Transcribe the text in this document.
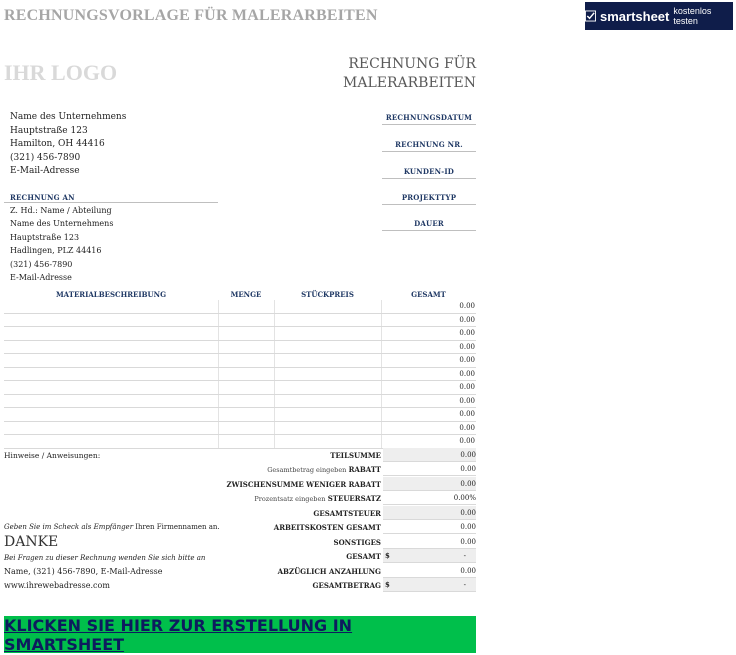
RECHNUNGSVORLAGE FÜR MALERARBEITEN	smartsheet kostenlos testen
IHR LOGO	RECHNUNG FÜR
MALERARBEITEN
Name des Unternehmens
Hauptstraße 123
Hamilton, OH 44416
(321) 456-7890
E-Mail-Adresse
RECHNUNGSDATUM
RECHNUNG NR.
KUNDEN-ID
PROJEKTTYP
DAUER
RECHNUNG AN
Z. Hd.: Name / Abteilung
Name des Unternehmens
Hauptstraße 123
Hadlingen, PLZ 44416
(321) 456-7890
E-Mail-Adresse
MATERIALBESCHREIBUNG	MENGE	STÜCKPREIS	GESAMT
			0.00
			0.00
			0.00
			0.00
			0.00
			0.00
			0.00
			0.00
			0.00
			0.00
			0.00
Hinweise / Anweisungen:	TEILSUMME	0.00
Gesamtbetrag eingeben RABATT	0.00
ZWISCHENSUMME WENIGER RABATT	0.00
Prozentsatz eingeben STEUERSATZ	0.00%
GESAMTSTEUER	0.00
ARBEITSKOSTEN GESAMT	0.00
SONSTIGES	0.00
GESAMT $	-
ABZÜGLICH ANZAHLUNG	0.00
GESAMTBETRAG $	-
Geben Sie im Scheck als Empfänger Ihren Firmennamen an.
DANKE
Bei Fragen zu dieser Rechnung wenden Sie sich bitte an
Name, (321) 456-7890, E-Mail-Adresse
www.ihrewebadresse.com
KLICKEN SIE HIER ZUR ERSTELLUNG IN SMARTSHEET
